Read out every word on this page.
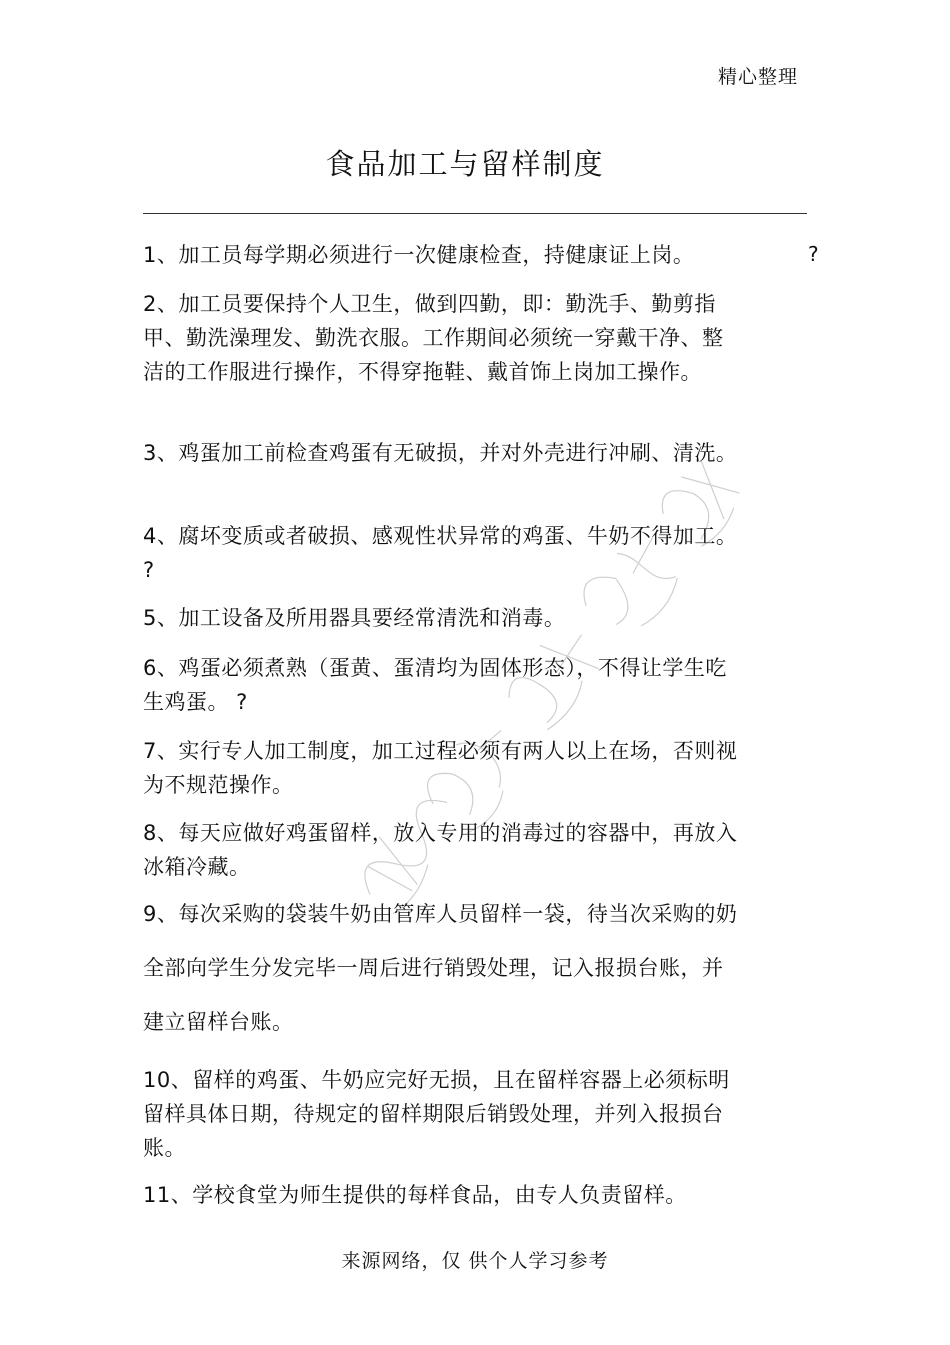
精心整理
食品加工与留样制度
?

1、加工员每学期必须进行一次健康检查，持健康证上岗。

2、加工员要保持个人卫生，做到四勤，即：勤洗手、勤剪指甲、勤洗澡理发、勤洗衣服。工作期间必须统一穿戴干净、整洁的工作服进行操作，不得穿拖鞋、戴首饰上岗加工操作。

3、鸡蛋加工前检查鸡蛋有无破损，并对外壳进行冲刷、清洗。

4、腐坏变质或者破损、感观性状异常的鸡蛋、牛奶不得加工。 ?

5、加工设备及所用器具要经常清洗和消毒。

6、鸡蛋必须煮熟（蛋黄、蛋清均为固体形态），不得让学生吃生鸡蛋。 ?

7、实行专人加工制度，加工过程必须有两人以上在场，否则视为不规范操作。

8、每天应做好鸡蛋留样，放入专用的消毒过的容器中，再放入冰箱冷藏。

9、每次采购的袋装牛奶由管库人员留样一袋，待当次采购的奶全部向学生分发完毕一周后进行销毁处理，记入报损台账，并建立留样台账。

10、留样的鸡蛋、牛奶应完好无损，且在留样容器上必须标明留样具体日期，待规定的留样期限后销毁处理，并列入报损台账。

11、学校食堂为师生提供的每样食品，由专人负责留样。

来源网络，仅 供个人学习参考
